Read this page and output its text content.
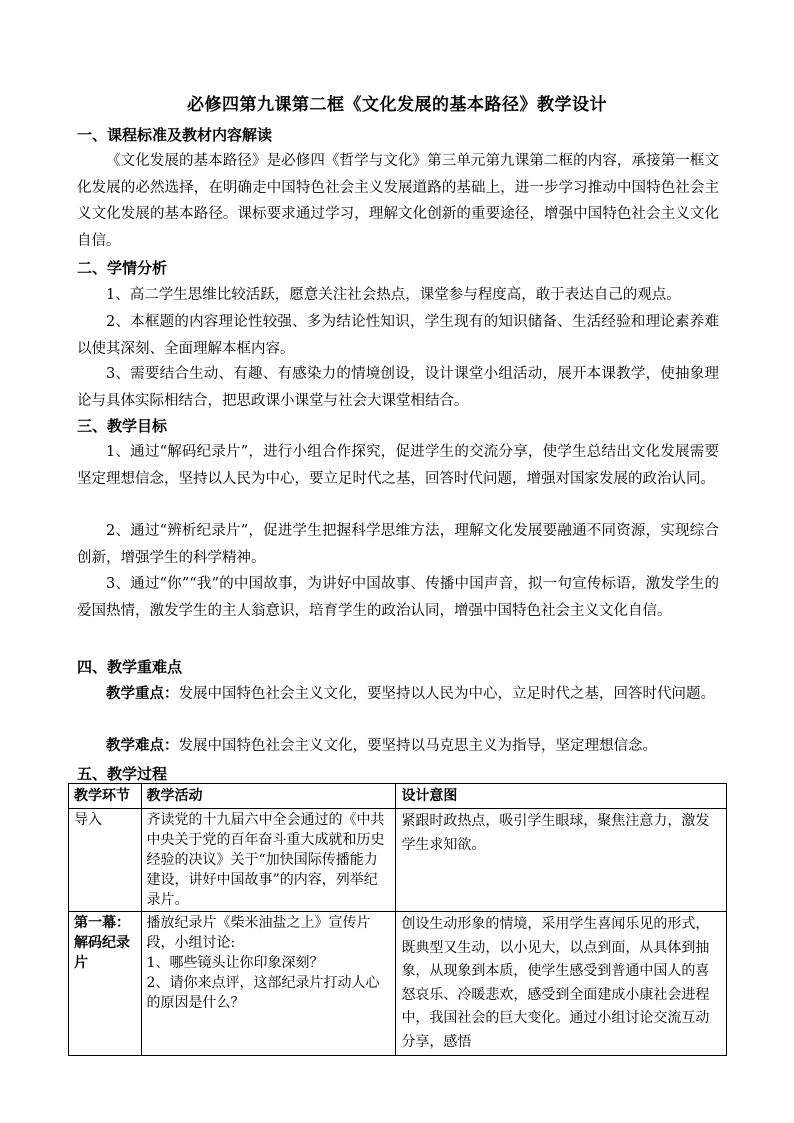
必修四第九课第二框《文化发展的基本路径》教学设计
一、课程标准及教材内容解读

《文化发展的基本路径》是必修四《哲学与文化》第三单元第九课第二框的内容，承接第一框文化发展的必然选择，在明确走中国特色社会主义发展道路的基础上，进一步学习推动中国特色社会主义文化发展的基本路径。课标要求通过学习，理解文化创新的重要途径，增强中国特色社会主义文化自信。

二、学情分析

1、高二学生思维比较活跃，愿意关注社会热点，课堂参与程度高，敢于表达自己的观点。

2、本框题的内容理论性较强、多为结论性知识，学生现有的知识储备、生活经验和理论素养难以使其深刻、全面理解本框内容。

3、需要结合生动、有趣、有感染力的情境创设，设计课堂小组活动，展开本课教学，使抽象理论与具体实际相结合，把思政课小课堂与社会大课堂相结合。

三、教学目标

1、通过“解码纪录片”，进行小组合作探究，促进学生的交流分享，使学生总结出文化发展需要坚定理想信念，坚持以人民为中心，要立足时代之基，回答时代问题，增强对国家发展的政治认同。

2、通过“辨析纪录片”，促进学生把握科学思维方法，理解文化发展要融通不同资源，实现综合创新，增强学生的科学精神。

3、通过“你”“我”的中国故事，为讲好中国故事、传播中国声音，拟一句宣传标语，激发学生的爱国热情，激发学生的主人翁意识，培育学生的政治认同，增强中国特色社会主义文化自信。

四、教学重难点

教学重点：发展中国特色社会主义文化，要坚持以人民为中心，立足时代之基，回答时代问题。

教学难点：发展中国特色社会主义文化，要坚持以马克思主义为指导，坚定理想信念。

五、教学过程
教学环节	教学活动	设计意图
导入	齐读党的十九届六中全会通过的《中共中央关于党的百年奋斗重大成就和历史经验的决议》关于“加快国际传播能力建设，讲好中国故事”的内容，列举纪录片。	紧跟时政热点，吸引学生眼球，聚焦注意力，激发学生求知欲。
第一幕：解码纪录片	播放纪录片《柴米油盐之上》宣传片段，小组讨论:
1、哪些镜头让你印象深刻？
2、请你来点评，这部纪录片打动人心的原因是什么？	创设生动形象的情境，采用学生喜闻乐见的形式，既典型又生动，以小见大，以点到面，从具体到抽象，从现象到本质，使学生感受到普通中国人的喜怒哀乐、冷暖悲欢，感受到全面建成小康社会进程中，我国社会的巨大变化。通过小组讨论交流互动分享，感悟
